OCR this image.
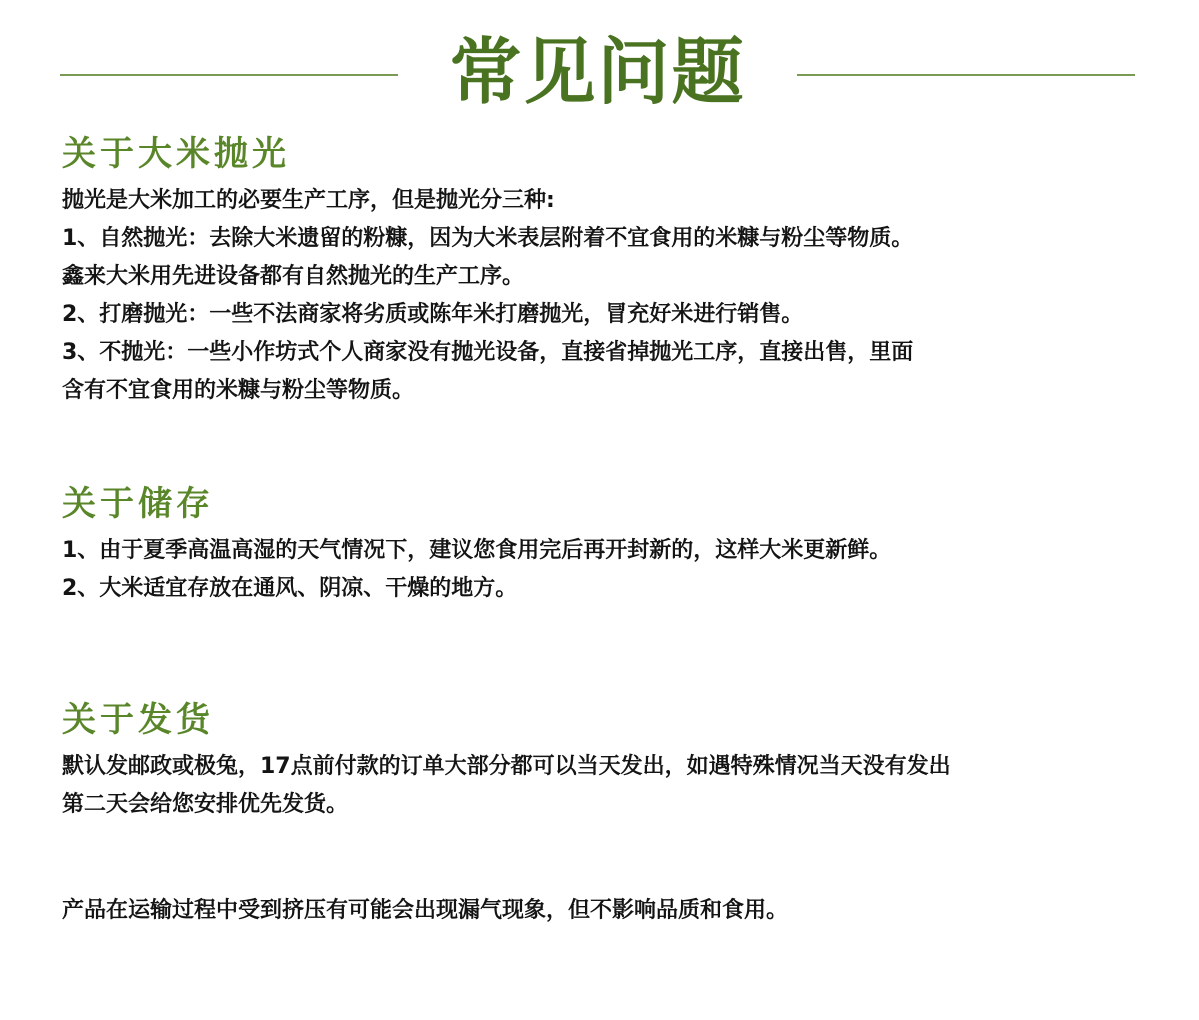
常见问题
关于大米抛光

抛光是大米加工的必要生产工序，但是抛光分三种:

1、自然抛光：去除大米遗留的粉糠，因为大米表层附着不宜食用的米糠与粉尘等物质。

鑫来大米用先进设备都有自然抛光的生产工序。

2、打磨抛光：一些不法商家将劣质或陈年米打磨抛光，冒充好米进行销售。

3、不抛光：一些小作坊式个人商家没有抛光设备，直接省掉抛光工序，直接出售，里面

含有不宜食用的米糠与粉尘等物质。

关于储存

1、由于夏季高温高湿的天气情况下，建议您食用完后再开封新的，这样大米更新鲜。

2、大米适宜存放在通风、阴凉、干燥的地方。

关于发货

默认发邮政或极兔，17点前付款的订单大部分都可以当天发出，如遇特殊情况当天没有发出

第二天会给您安排优先发货。

产品在运输过程中受到挤压有可能会出现漏气现象，但不影响品质和食用。
